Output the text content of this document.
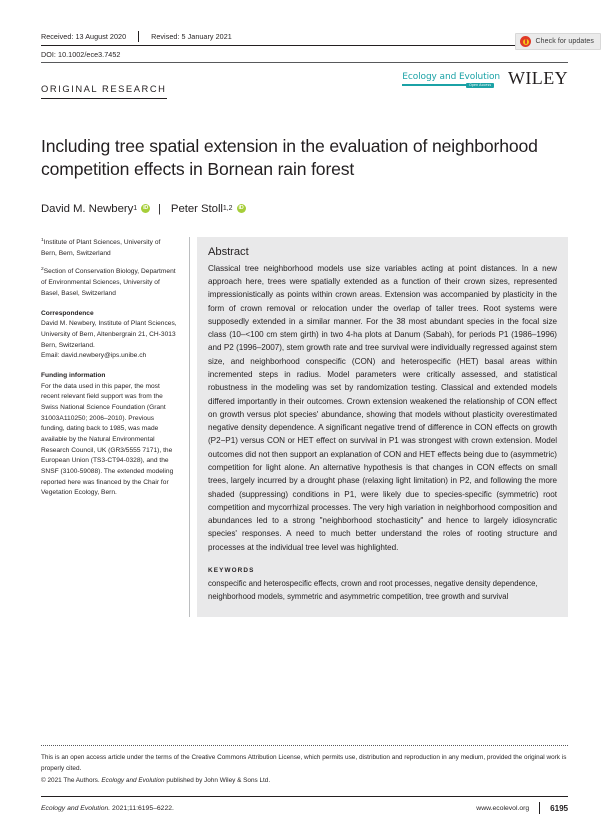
Check for updates
Received: 13 August 2020	Revised: 5 January 2021
DOI: 10.1002/ece3.7452
ORIGINAL RESEARCH
Ecology and Evolution
Open Access WILEY
Including tree spatial extension in the evaluation of neighborhood competition effects in Bornean rain forest
David M. Newbery 1	iD | Peter Stoll 1,2	iD
$^1$Institute of Plant Sciences, University of Bern, Bern, Switzerland
$^2$Section of Conservation Biology, Department of Environmental Sciences, University of Basel, Basel, Switzerland
Correspondence
David M. Newbery, Institute of Plant Sciences, University of Bern, Altenbergrain 21, CH-3013 Bern, Switzerland.
Email: david.newbery@ips.unibe.ch
Funding information
For the data used in this paper, the most recent relevant field support was from the Swiss National Science Foundation (Grant 31003A110250; 2006–2010). Previous funding, dating back to 1985, was made available by the Natural Environmental Research Council, UK (GR3/5555 7171), the European Union (TS3-CT94-0328), and the SNSF (3100-59088). The extended modeling reported here was financed by the Chair for Vegetation Ecology, Bern.
Abstract

Classical tree neighborhood models use size variables acting at point distances. In a new approach here, trees were spatially extended as a function of their crown sizes, represented impressionistically as points within crown areas. Extension was accompanied by plasticity in the form of crown removal or relocation under the overlap of taller trees. Root systems were supposedly extended in a similar manner. For the 38 most abundant species in the focal size class (10–<100 cm stem girth) in two 4-ha plots at Danum (Sabah), for periods P1 (1986–1996) and P2 (1996–2007), stem growth rate and tree survival were individually regressed against stem size, and neighborhood conspecific (CON) and heterospecific (HET) basal areas within incremented steps in radius. Model parameters were critically assessed, and statistical robustness in the modeling was set by randomization testing. Classical and extended models differed importantly in their outcomes. Crown extension weakened the relationship of CON effect on growth versus plot species' abundance, showing that models without plasticity overestimated negative density dependence. A significant negative trend of difference in CON effects on growth (P2−P1) versus CON or HET effect on survival in P1 was strongest with crown extension. Model outcomes did not then support an explanation of CON and HET effects being due to (asymmetric) competition for light alone. An alternative hypothesis is that changes in CON effects on small trees, largely incurred by a drought phase (relaxing light limitation) in P2, and following the more shaded (suppressing) conditions in P1, were likely due to species-specific (symmetric) root competition and mycorrhizal processes. The very high variation in neighborhood composition and abundances led to a strong "neighborhood stochasticity" and hence to largely idiosyncratic species' responses. A need to much better understand the roles of rooting structure and processes at the individual tree level was highlighted.

KEYWORDS
conspecific and heterospecific effects, crown and root processes, negative density dependence, neighborhood models, symmetric and asymmetric competition, tree growth and survival
This is an open access article under the terms of the Creative Commons Attribution License, which permits use, distribution and reproduction in any medium, provided the original work is properly cited.
© 2021 The Authors. Ecology and Evolution published by John Wiley & Sons Ltd.
Ecology and Evolution. 2021;11:6195–6222.	www.ecolevol.org	6195
